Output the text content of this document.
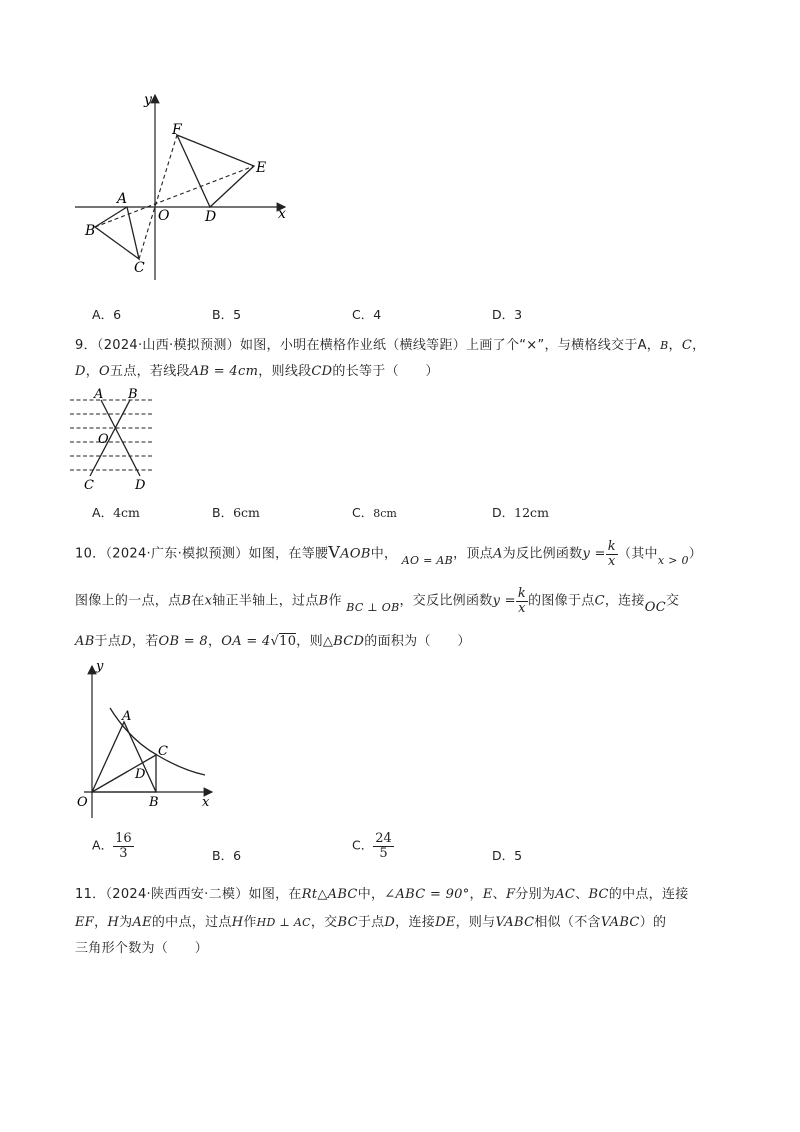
y
x
F
E
A
O	D
B
C
A．6	B．5	C．4	D．3
9．（2024·山西·模拟预测）如图，小明在横格作业纸（横线等距）上画了个“×”，与横格线交于A，B，C，
D，O五点，若线段AB = 4cm，则线段CD的长等于（　　）
A B
O
C	D
A．4cm	B．6cm	C．8cm	D．12cm
10．（2024·广东·模拟预测）如图，在等腰VAOB中， $_{AO = AB}$，顶点A为反比例函数$y = \frac{k}{x}$ （其中$_{x > 0}$）
图像上的一点，点B在x轴正半轴上，过点B作 $_{BC \perp OB}$，交反比例函数$y = \frac{k}{x}$ 的图像于点C，连接OC交
AB于点D，若OB = 8，OA = 4√10，则△BCD的面积为（　　）
y
A
C
D
O	B	x
A． $\frac{16}{3}$	B．6
C． $\frac{24}{5}$	D．5
11．（2024·陕西西安·二模）如图，在Rt△ABC中，∠ABC = 90°，E、F分别为AC、BC的中点，连接
EF，H为AE的中点，过点H作HD ⊥ AC，交BC于点D，连接DE，则与VABC相似（不含VABC）的
三角形个数为（　　）
